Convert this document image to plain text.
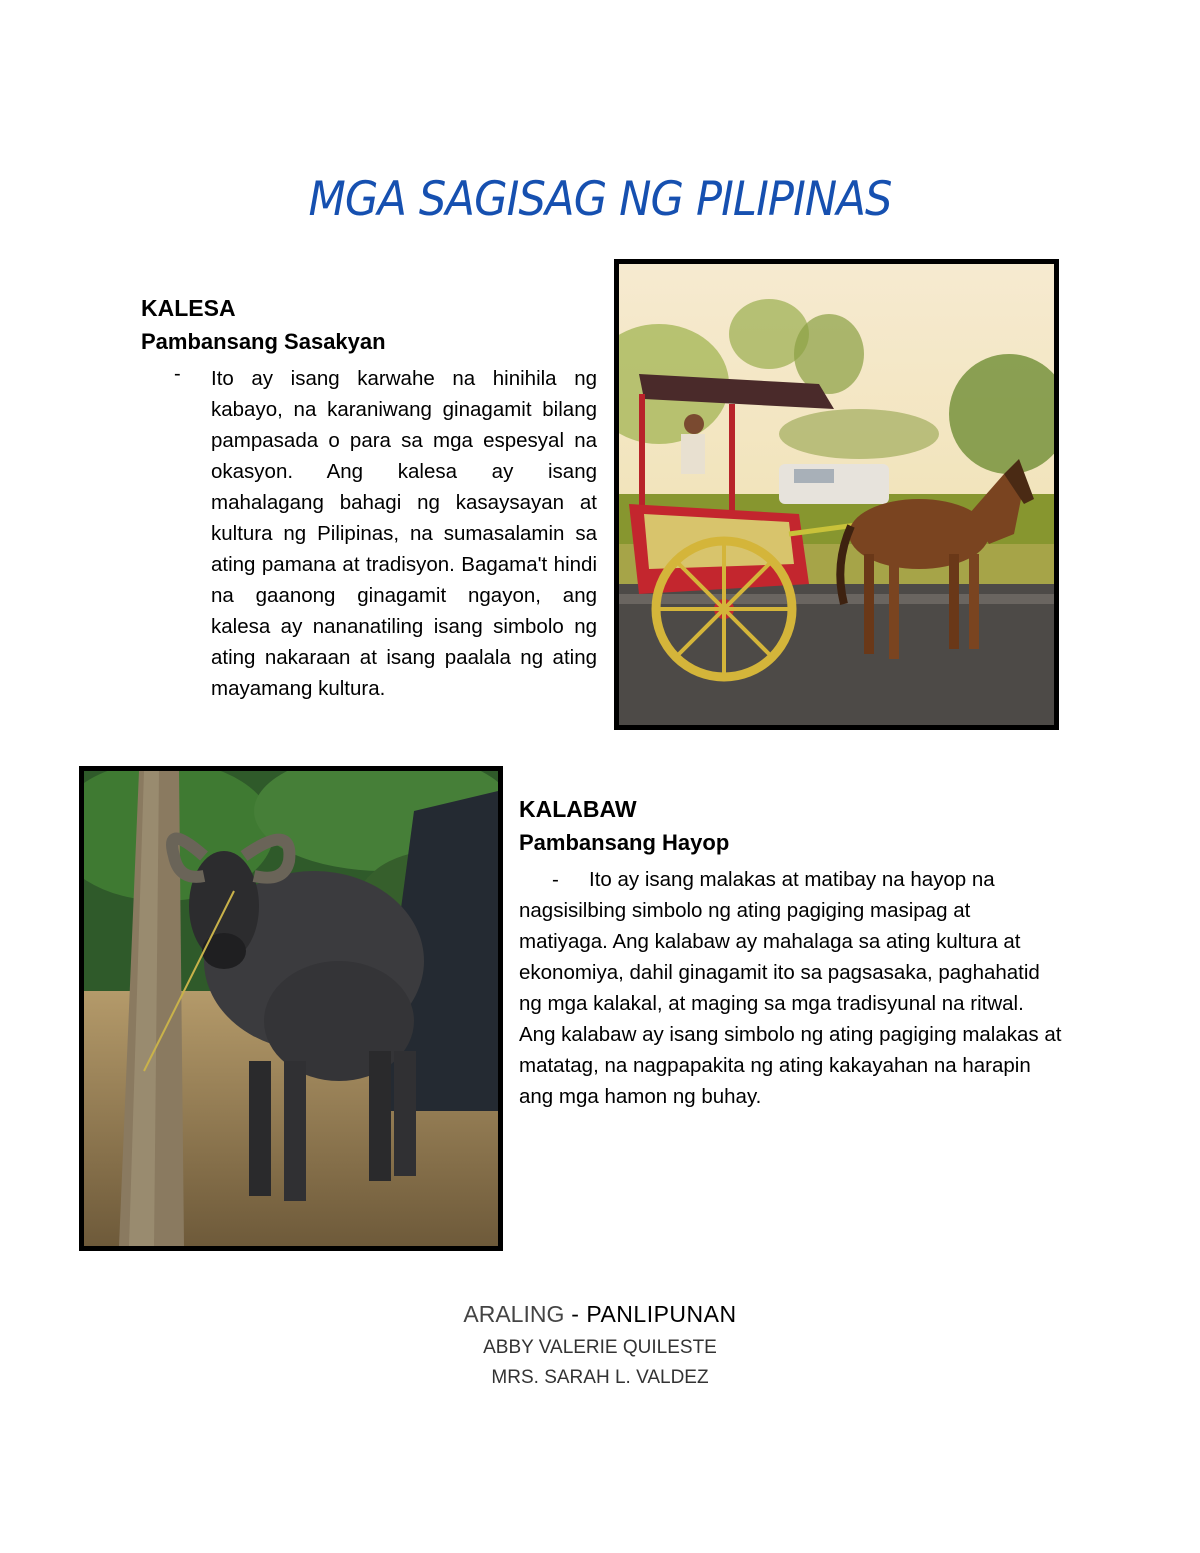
MGA SAGISAG NG PILIPINAS

KALESA

Pambansang Sasakyan

- Ito ay isang karwahe na hinihila ng kabayo, na karaniwang ginagamit bilang pampasada o para sa mga espesyal na okasyon. Ang kalesa ay isang mahalagang bahagi ng kasaysayan at kultura ng Pilipinas, na sumasalamin sa ating pamana at tradisyon. Bagama't hindi na gaanong ginagamit ngayon, ang kalesa ay nananatiling isang simbolo ng ating nakaraan at isang paalala ng ating mayamang kultura.

KALABAW

Pambansang Hayop

- Ito ay isang malakas at matibay na hayop na nagsisilbing simbolo ng ating pagiging masipag at matiyaga. Ang kalabaw ay mahalaga sa ating kultura at ekonomiya, dahil ginagamit ito sa pagsasaka, paghahatid ng mga kalakal, at maging sa mga tradisyunal na ritwal. Ang kalabaw ay isang simbolo ng ating pagiging malakas at matatag, na nagpapakita ng ating kakayahan na harapin ang mga hamon ng buhay.

ARALING - PANLIPUNAN

ABBY VALERIE QUILESTE

MRS. SARAH L. VALDEZ
